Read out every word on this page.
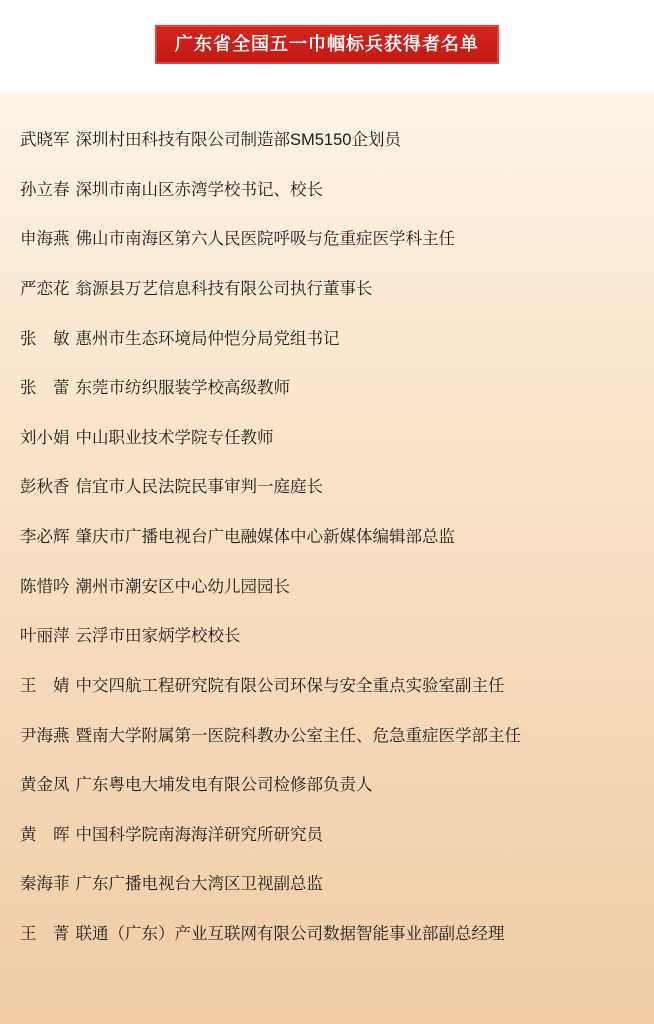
广东省全国五一巾帼标兵获得者名单
武晓军 深圳村田科技有限公司制造部SM5150企划员
孙立春 深圳市南山区赤湾学校书记、校长
申海燕 佛山市南海区第六人民医院呼吸与危重症医学科主任
严恋花 翁源县万艺信息科技有限公司执行董事长
张　敏 惠州市生态环境局仲恺分局党组书记
张　蕾 东莞市纺织服装学校高级教师
刘小娟 中山职业技术学院专任教师
彭秋香 信宜市人民法院民事审判一庭庭长
李必辉 肇庆市广播电视台广电融媒体中心新媒体编辑部总监
陈惜吟 潮州市潮安区中心幼儿园园长
叶丽萍 云浮市田家炳学校校长
王　婧 中交四航工程研究院有限公司环保与安全重点实验室副主任
尹海燕 暨南大学附属第一医院科教办公室主任、危急重症医学部主任
黄金凤 广东粤电大埔发电有限公司检修部负责人
黄　晖 中国科学院南海海洋研究所研究员
秦海菲 广东广播电视台大湾区卫视副总监
王　菁 联通（广东）产业互联网有限公司数据智能事业部副总经理
